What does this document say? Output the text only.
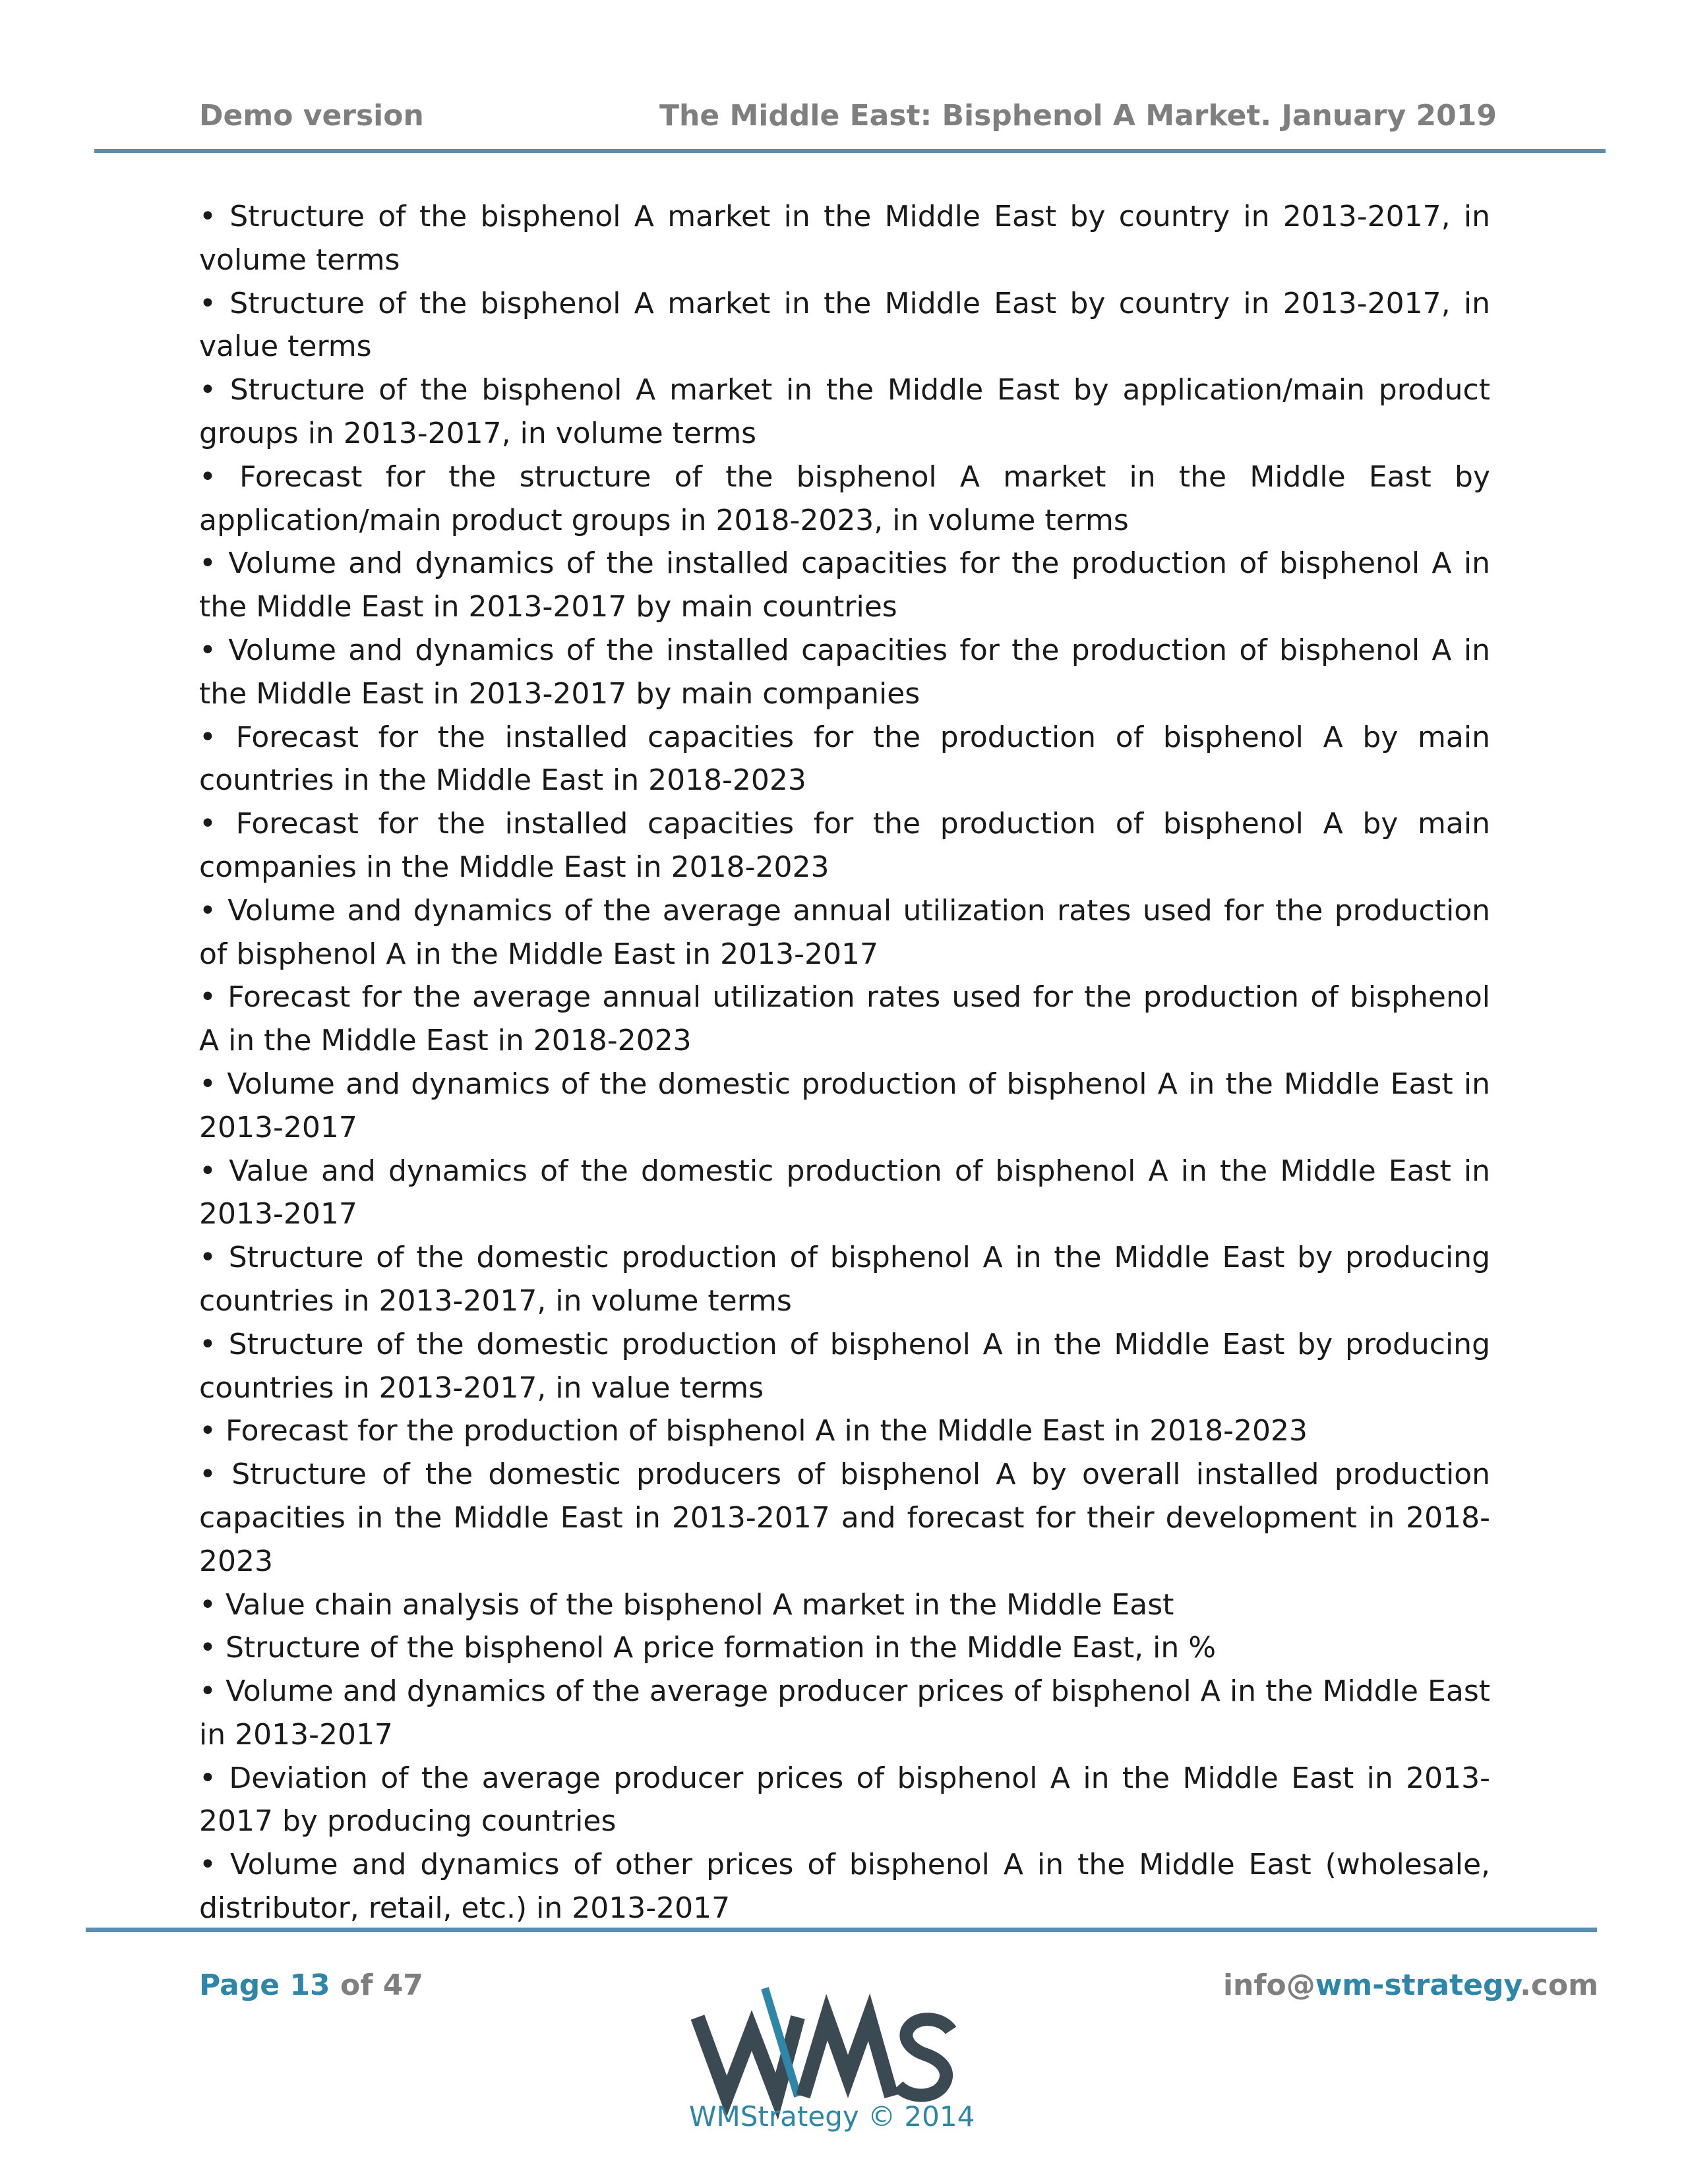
Demo version	The Middle East: Bisphenol A Market. January 2019

• Structure of the bisphenol A market in the Middle East by country in 2013-2017, in volume terms

• Structure of the bisphenol A market in the Middle East by country in 2013-2017, in value terms

• Structure of the bisphenol A market in the Middle East by application/main product groups in 2013-2017, in volume terms

• Forecast for the structure of the bisphenol A market in the Middle East by application/main product groups in 2018-2023, in volume terms

• Volume and dynamics of the installed capacities for the production of bisphenol A in the Middle East in 2013-2017 by main countries

• Volume and dynamics of the installed capacities for the production of bisphenol A in the Middle East in 2013-2017 by main companies

• Forecast for the installed capacities for the production of bisphenol A by main countries in the Middle East in 2018-2023

• Forecast for the installed capacities for the production of bisphenol A by main companies in the Middle East in 2018-2023

• Volume and dynamics of the average annual utilization rates used for the production of bisphenol A in the Middle East in 2013-2017

• Forecast for the average annual utilization rates used for the production of bisphenol A in the Middle East in 2018-2023

• Volume and dynamics of the domestic production of bisphenol A in the Middle East in 2013-2017

• Value and dynamics of the domestic production of bisphenol A in the Middle East in 2013-2017

• Structure of the domestic production of bisphenol A in the Middle East by producing countries in 2013-2017, in volume terms

• Structure of the domestic production of bisphenol A in the Middle East by producing countries in 2013-2017, in value terms

• Forecast for the production of bisphenol A in the Middle East in 2018-2023

• Structure of the domestic producers of bisphenol A by overall installed production capacities in the Middle East in 2013-2017 and forecast for their development in 2018-2023

• Value chain analysis of the bisphenol A market in the Middle East

• Structure of the bisphenol A price formation in the Middle East, in %

• Volume and dynamics of the average producer prices of bisphenol A in the Middle East in 2013-2017

• Deviation of the average producer prices of bisphenol A in the Middle East in 2013-2017 by producing countries

• Volume and dynamics of other prices of bisphenol A in the Middle East (wholesale, distributor, retail, etc.) in 2013-2017

Page 13 of 47	info@wm-strategy.com
WMStrategy © 2014
